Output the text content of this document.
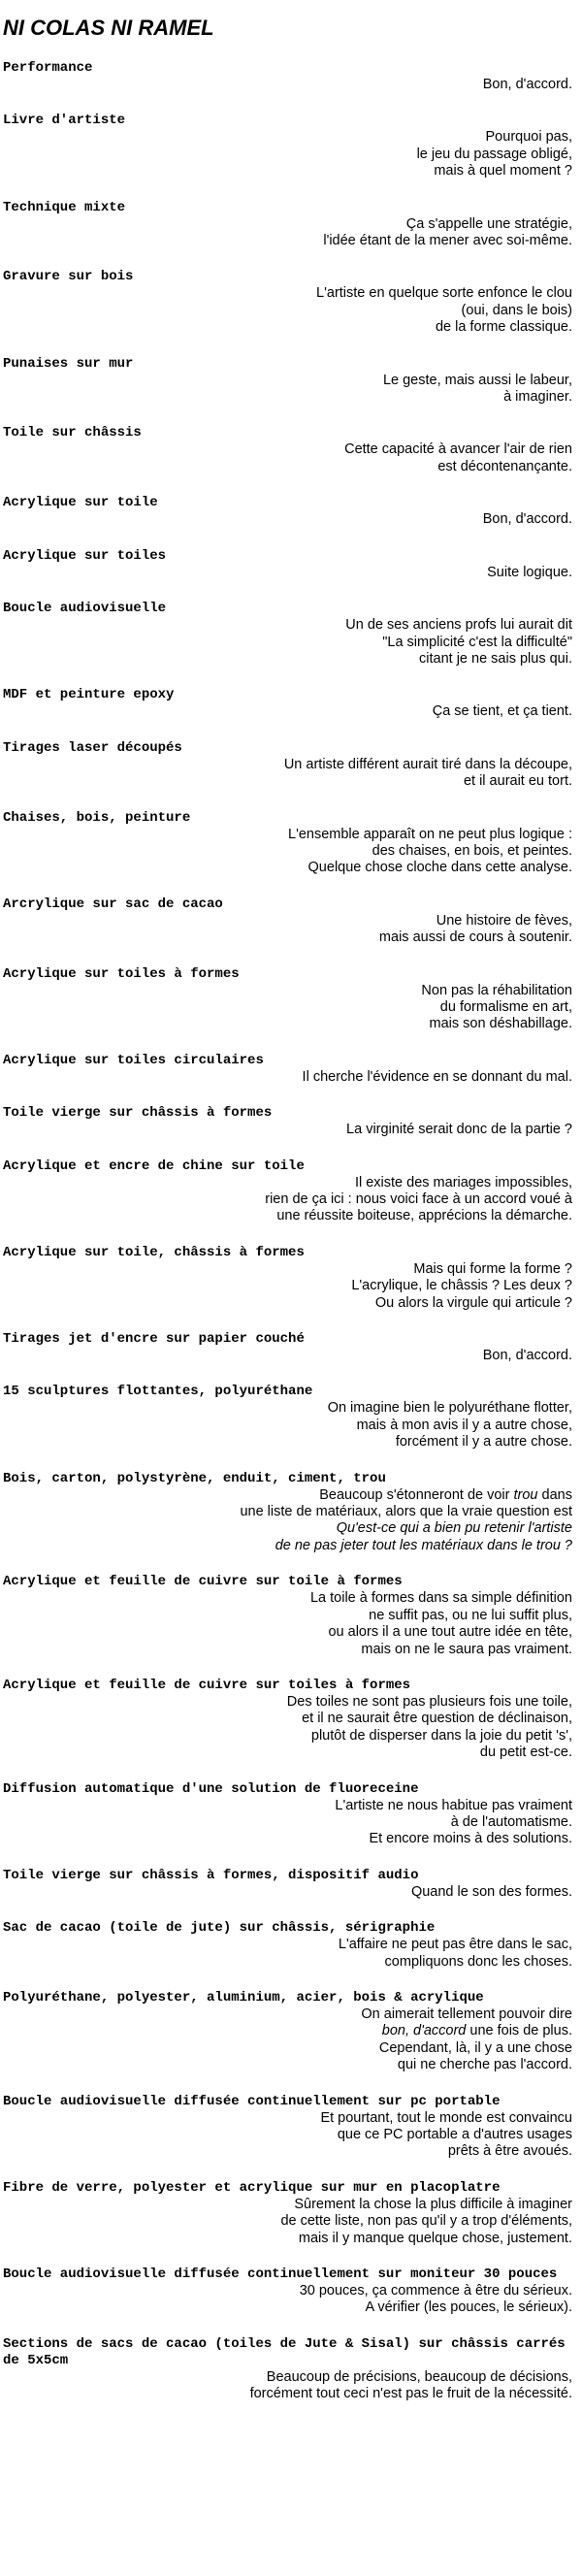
NI COLAS NI RAMEL
Performance
Bon, d'accord.
Livre d'artiste
Pourquoi pas,
le jeu du passage obligé,
mais à quel moment ?
Technique mixte
Ça s'appelle une stratégie,
l'idée étant de la mener avec soi-même.
Gravure sur bois
L'artiste en quelque sorte enfonce le clou
(oui, dans le bois)
de la forme classique.
Punaises sur mur
Le geste, mais aussi le labeur,
à imaginer.
Toile sur châssis
Cette capacité à avancer l'air de rien
est décontenançante.
Acrylique sur toile
Bon, d'accord.
Acrylique sur toiles
Suite logique.
Boucle audiovisuelle
Un de ses anciens profs lui aurait dit
"La simplicité c'est la difficulté"
citant je ne sais plus qui.
MDF et peinture epoxy
Ça se tient, et ça tient.
Tirages laser découpés
Un artiste différent aurait tiré dans la découpe,
et il aurait eu tort.
Chaises, bois, peinture
L'ensemble apparaît on ne peut plus logique :
des chaises, en bois, et peintes.
Quelque chose cloche dans cette analyse.
Arcrylique sur sac de cacao
Une histoire de fèves,
mais aussi de cours à soutenir.
Acrylique sur toiles à formes
Non pas la réhabilitation
du formalisme en art,
mais son déshabillage.
Acrylique sur toiles circulaires
Il cherche l'évidence en se donnant du mal.
Toile vierge sur châssis à formes
La virginité serait donc de la partie ?
Acrylique et encre de chine sur toile
Il existe des mariages impossibles,
rien de ça ici : nous voici face à un accord voué à
une réussite boiteuse, apprécions la démarche.
Acrylique sur toile, châssis à formes
Mais qui forme la forme ?
L'acrylique, le châssis ? Les deux ?
Ou alors la virgule qui articule ?
Tirages jet d'encre sur papier couché
Bon, d'accord.
15 sculptures flottantes, polyuréthane
On imagine bien le polyuréthane flotter,
mais à mon avis il y a autre chose,
forcément il y a autre chose.
Bois, carton, polystyrène, enduit, ciment, trou
Beaucoup s'étonneront de voir trou dans
une liste de matériaux, alors que la vraie question est
Qu'est-ce qui a bien pu retenir l'artiste
de ne pas jeter tout les matériaux dans le trou ?
Acrylique et feuille de cuivre sur toile à formes
La toile à formes dans sa simple définition
ne suffit pas, ou ne lui suffit plus,
ou alors il a une tout autre idée en tête,
mais on ne le saura pas vraiment.
Acrylique et feuille de cuivre sur toiles à formes
Des toiles ne sont pas plusieurs fois une toile,
et il ne saurait être question de déclinaison,
plutôt de disperser dans la joie du petit 's',
du petit est-ce.
Diffusion automatique d'une solution de fluoreceine
L'artiste ne nous habitue pas vraiment
à de l'automatisme.
Et encore moins à des solutions.
Toile vierge sur châssis à formes, dispositif audio
Quand le son des formes.
Sac de cacao (toile de jute) sur châssis, sérigraphie
L'affaire ne peut pas être dans le sac,
compliquons donc les choses.
Polyuréthane, polyester, aluminium, acier, bois & acrylique
On aimerait tellement pouvoir dire
bon, d'accord une fois de plus.
Cependant, là, il y a une chose
qui ne cherche pas l'accord.
Boucle audiovisuelle diffusée continuellement sur pc portable
Et pourtant, tout le monde est convaincu
que ce PC portable a d'autres usages
prêts à être avoués.
Fibre de verre, polyester et acrylique sur mur en placoplatre
Sûrement la chose la plus difficile à imaginer
de cette liste, non pas qu'il y a trop d'éléments,
mais il y manque quelque chose, justement.
Boucle audiovisuelle diffusée continuellement sur moniteur 30 pouces
30 pouces, ça commence à être du sérieux.
A vérifier (les pouces, le sérieux).
Sections de sacs de cacao (toiles de Jute & Sisal) sur châssis carrés de 5x5cm
Beaucoup de précisions, beaucoup de décisions,
forcément tout ceci n'est pas le fruit de la nécessité.
